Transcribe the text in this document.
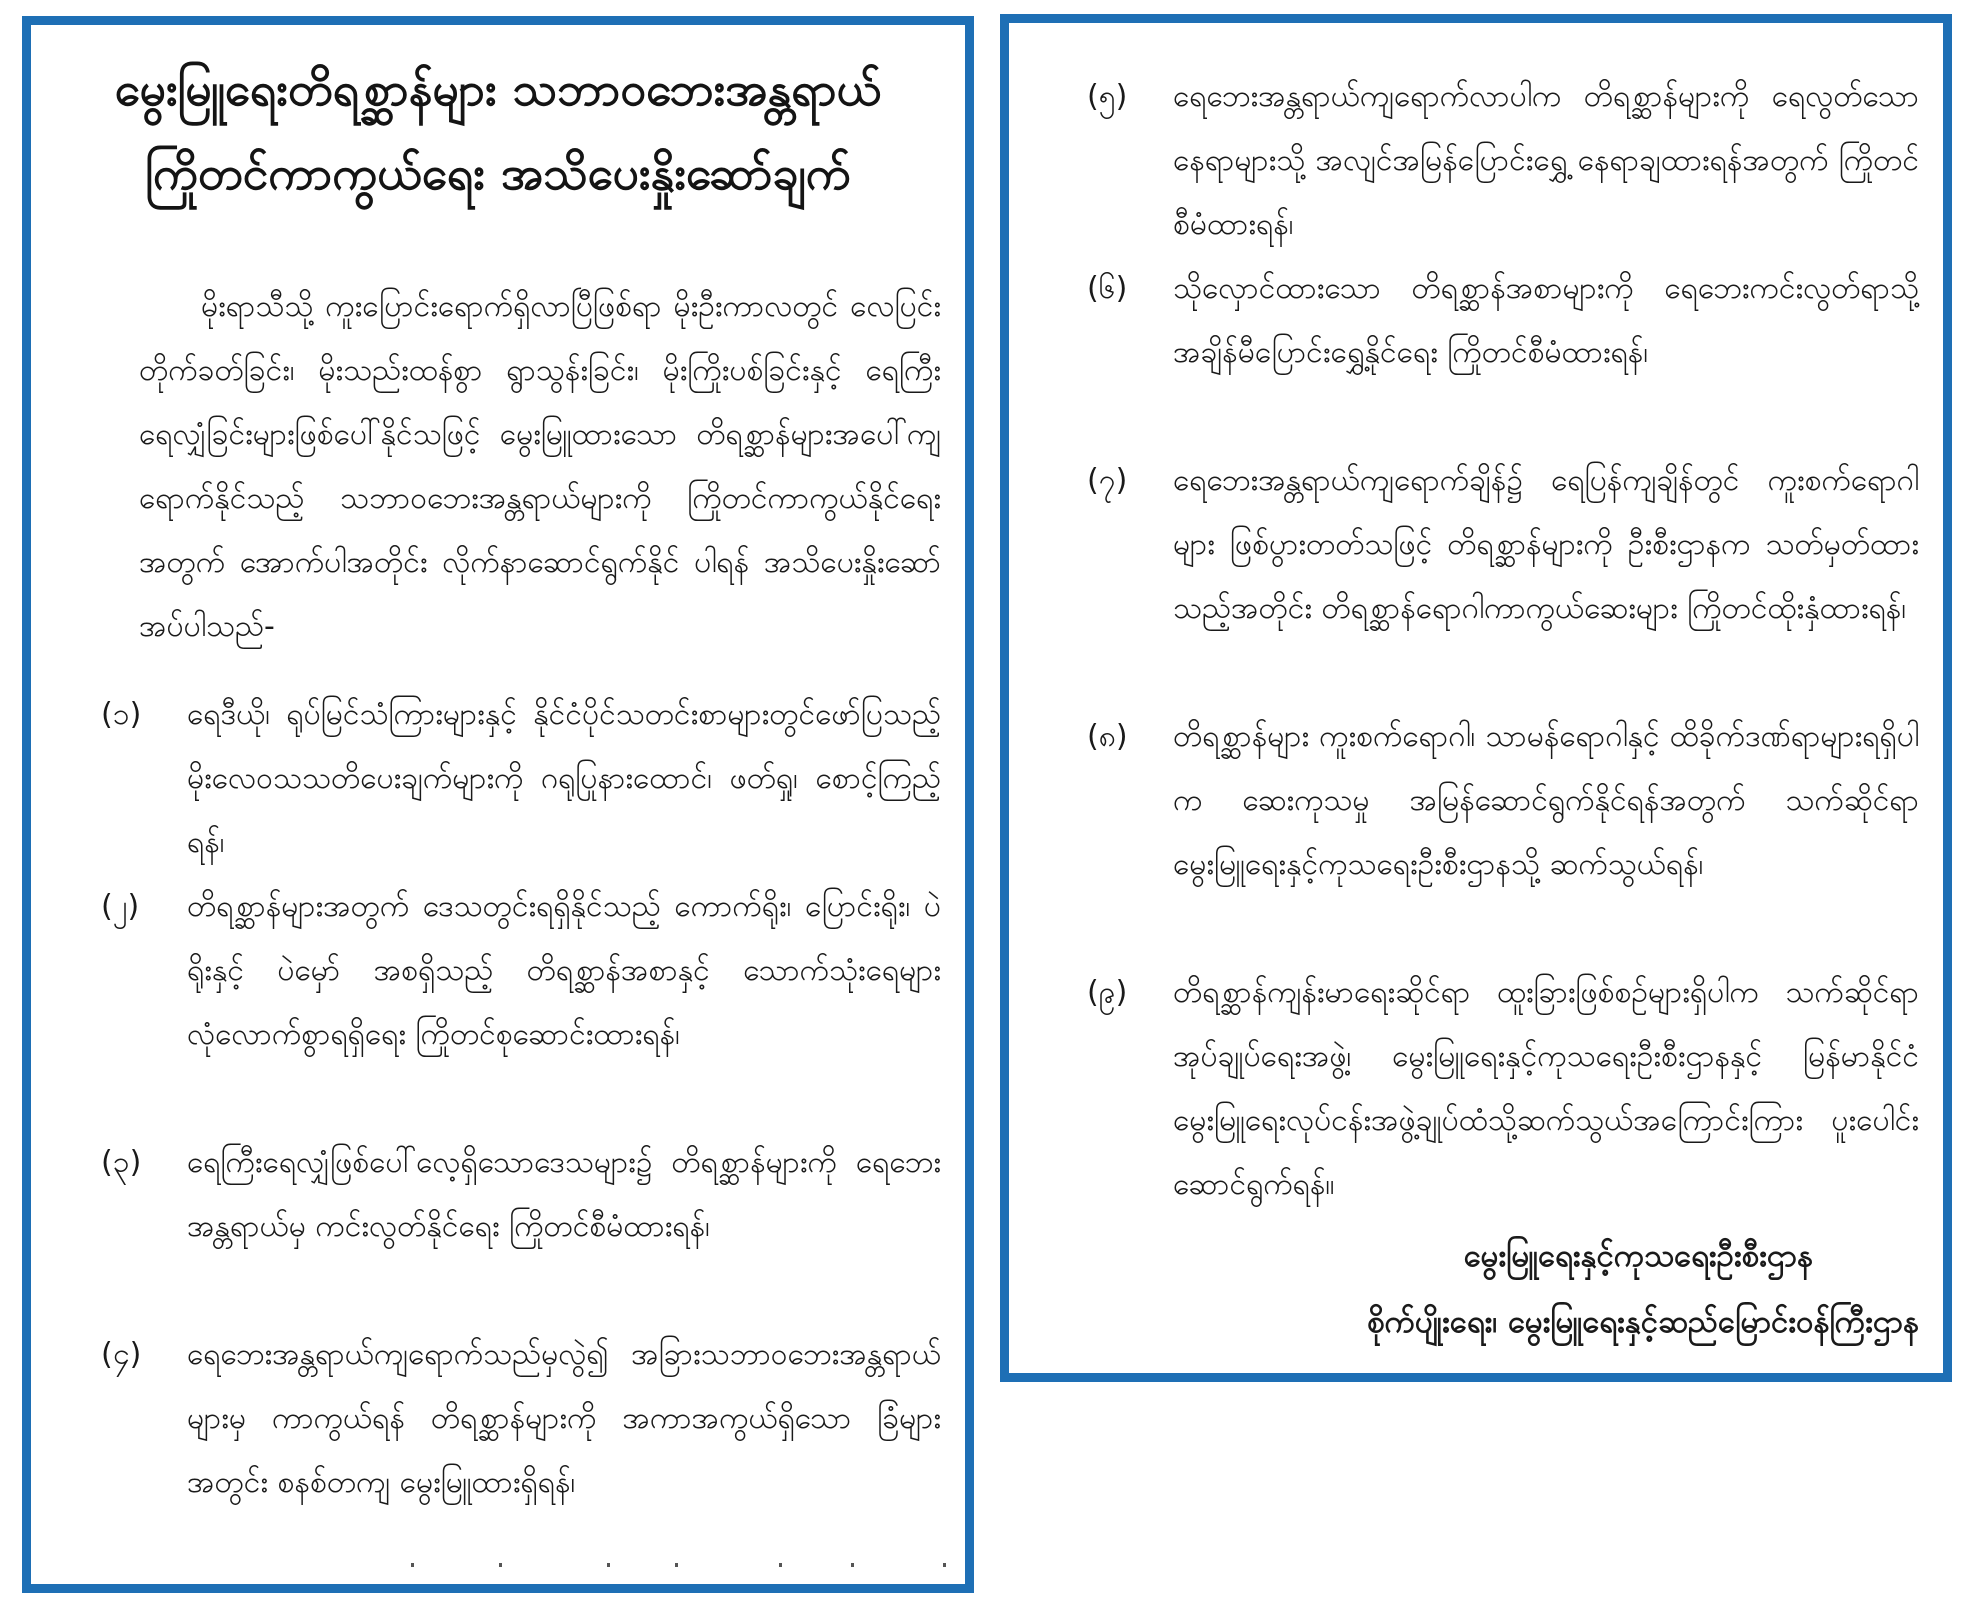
မွေးမြူရေးတိရစ္ဆာန်များ သဘာဝဘေးအန္တရာယ်
ကြိုတင်ကာကွယ်ရေး အသိပေးနှိုးဆော်ချက်
မိုးရာသီသို့ ကူးပြောင်းရောက်ရှိလာပြီဖြစ်ရာ မိုးဦးကာလတွင် လေပြင်းတိုက်ခတ်ခြင်း၊ မိုးသည်းထန်စွာ ရွာသွန်းခြင်း၊ မိုးကြိုးပစ်ခြင်းနှင့် ရေကြီးရေလျှံခြင်းများဖြစ်ပေါ်နိုင်သဖြင့် မွေးမြူထားသော တိရစ္ဆာန်များအပေါ်ကျရောက်နိုင်သည့် သဘာဝဘေးအန္တရာယ်များကို ကြိုတင်ကာကွယ်နိုင်ရေးအတွက် အောက်ပါအတိုင်း လိုက်နာဆောင်ရွက်နိုင် ပါရန် အသိပေးနှိုးဆော်အပ်ပါသည်-
(၁)	ရေဒီယို၊ ရုပ်မြင်သံကြားများနှင့် နိုင်ငံပိုင်သတင်းစာများတွင်ဖော်ပြသည့် မိုးလေဝသသတိပေးချက်များကို ဂရုပြုနားထောင်၊ ဖတ်ရှု၊ စောင့်ကြည့်ရန်၊
(၂)	တိရစ္ဆာန်များအတွက် ဒေသတွင်းရရှိနိုင်သည့် ကောက်ရိုး၊ ပြောင်းရိုး၊ ပဲရိုးနှင့် ပဲမှော် အစရှိသည့် တိရစ္ဆာန်အစာနှင့် သောက်သုံးရေများ လုံလောက်စွာရရှိရေး ကြိုတင်စုဆောင်းထားရန်၊
(၃)	ရေကြီးရေလျှံဖြစ်ပေါ်လေ့ရှိသောဒေသများ၌ တိရစ္ဆာန်များကို ရေဘေးအန္တရာယ်မှ ကင်းလွတ်နိုင်ရေး ကြိုတင်စီမံထားရန်၊
(၄)	ရေဘေးအန္တရာယ်ကျရောက်သည်မှလွဲ၍ အခြားသဘာဝဘေးအန္တရာယ်များမှ ကာကွယ်ရန် တိရစ္ဆာန်များကို အကာအကွယ်ရှိသော ခြံများအတွင်း စနစ်တကျ မွေးမြူထားရှိရန်၊
(၅)	ရေဘေးအန္တရာယ်ကျရောက်လာပါက တိရစ္ဆာန်များကို ရေလွတ်သောနေရာများသို့ အလျင်အမြန်ပြောင်းရွှေ့ နေရာချထားရန်အတွက် ကြိုတင်စီမံထားရန်၊
(၆)	သိုလှောင်ထားသော တိရစ္ဆာန်အစာများကို ရေဘေးကင်းလွတ်ရာသို့ အချိန်မီပြောင်းရွှေ့နိုင်ရေး ကြိုတင်စီမံထားရန်၊
(၇)	ရေဘေးအန္တရာယ်ကျရောက်ချိန်၌ ရေပြန်ကျချိန်တွင် ကူးစက်ရောဂါများ ဖြစ်ပွားတတ်သဖြင့် တိရစ္ဆာန်များကို ဦးစီးဌာနက သတ်မှတ်ထားသည့်အတိုင်း တိရစ္ဆာန်ရောဂါကာကွယ်ဆေးများ ကြိုတင်ထိုးနှံထားရန်၊
(၈)	တိရစ္ဆာန်များ ကူးစက်ရောဂါ၊ သာမန်ရောဂါနှင့် ထိခိုက်ဒဏ်ရာများရရှိပါက ဆေးကုသမှု အမြန်ဆောင်ရွက်နိုင်ရန်အတွက် သက်ဆိုင်ရာ မွေးမြူရေးနှင့်ကုသရေးဦးစီးဌာနသို့ ဆက်သွယ်ရန်၊
(၉)	တိရစ္ဆာန်ကျန်းမာရေးဆိုင်ရာ ထူးခြားဖြစ်စဉ်များရှိပါက သက်ဆိုင်ရာအုပ်ချုပ်ရေးအဖွဲ့၊ မွေးမြူရေးနှင့်ကုသရေးဦးစီးဌာနနှင့် မြန်မာနိုင်ငံ မွေးမြူရေးလုပ်ငန်းအဖွဲ့ချုပ်ထံသို့ဆက်သွယ်အကြောင်းကြား ပူးပေါင်းဆောင်ရွက်ရန်။
မွေးမြူရေးနှင့်ကုသရေးဦးစီးဌာန
စိုက်ပျိုးရေး၊ မွေးမြူရေးနှင့်ဆည်မြောင်းဝန်ကြီးဌာန
